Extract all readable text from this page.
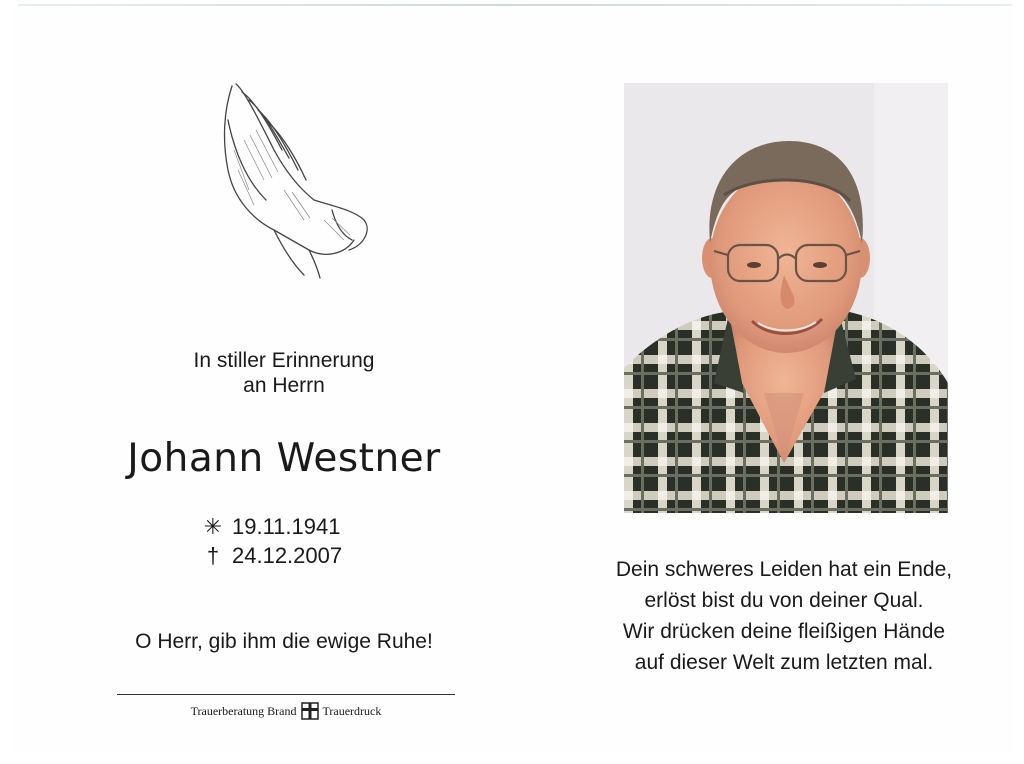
In stiller Erinnerung
an Herrn
Johann Westner
✳ 19.11.1941
† 24.12.2007
O Herr, gib ihm die ewige Ruhe!
Trauerberatung Brand Trauerdruck
Dein schweres Leiden hat ein Ende,
erlöst bist du von deiner Qual.
Wir drücken deine fleißigen Hände
auf dieser Welt zum letzten mal.
